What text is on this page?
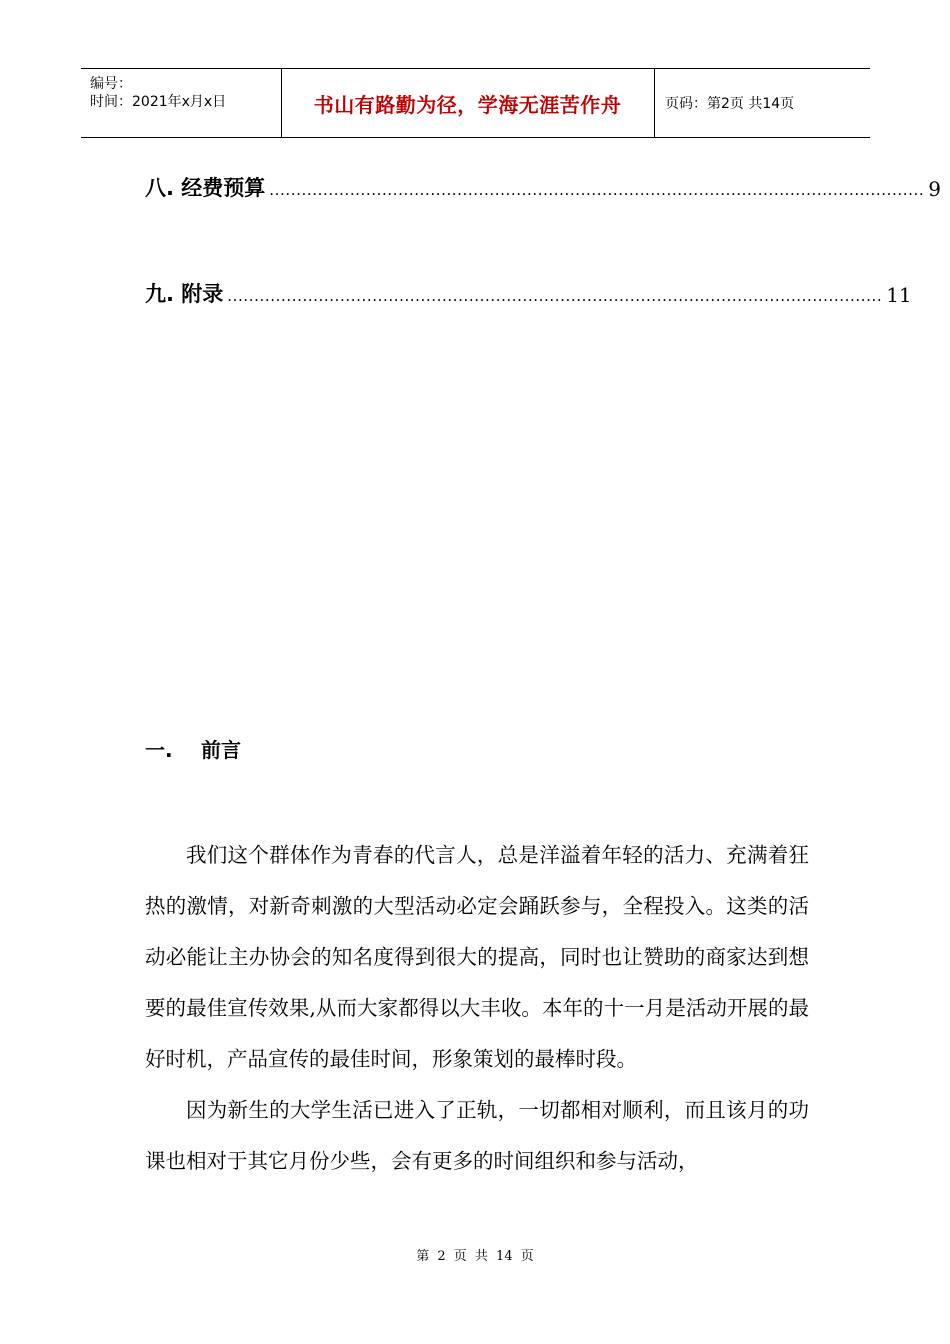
编号：
时间：2021年x月x日	书山有路勤为径，学海无涯苦作舟	页码：第2页 共14页
八. 经费预算 .......................................................................................................................... 9
九. 附录 .......................................................................................................................... 11
一. 前言

我们这个群体作为青春的代言人，总是洋溢着年轻的活力、充满着狂热的激情，对新奇刺激的大型活动必定会踊跃参与，全程投入。这类的活动必能让主办协会的知名度得到很大的提高，同时也让赞助的商家达到想要的最佳宣传效果,从而大家都得以大丰收。本年的十一月是活动开展的最好时机，产品宣传的最佳时间，形象策划的最棒时段。

因为新生的大学生活已进入了正轨，一切都相对顺利，而且该月的功课也相对于其它月份少些，会有更多的时间组织和参与活动，

第 2 页 共 14 页
